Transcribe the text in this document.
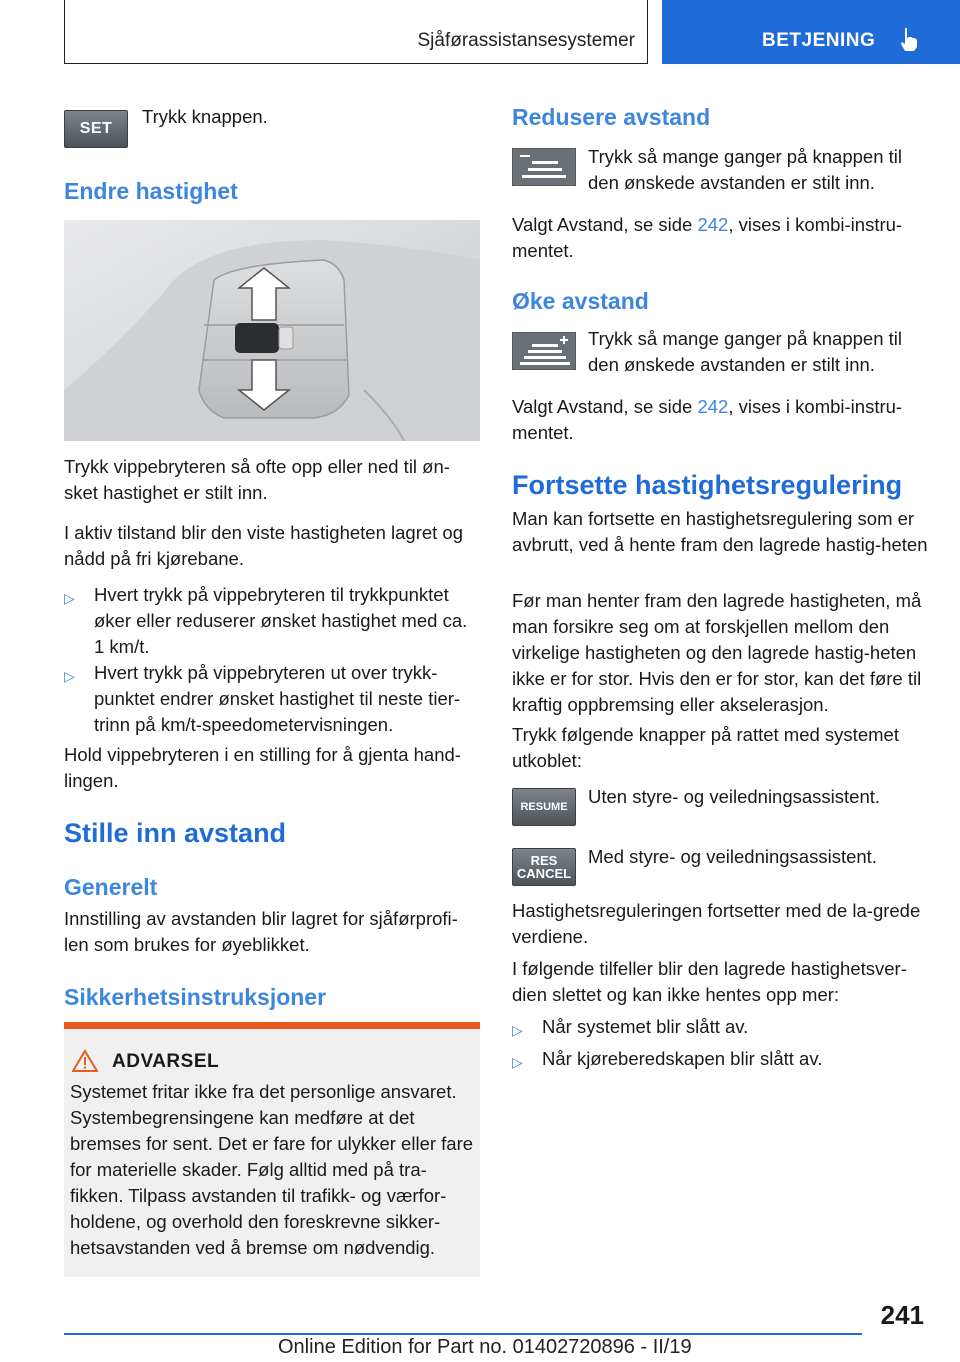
Sjåførassistansesystemer	BETJENING
SET

Trykk knappen.

Endre hastighet

Trykk vippebryteren så ofte opp eller ned til øn-sket hastighet er stilt inn.

I aktiv tilstand blir den viste hastigheten lagret og nådd på fri kjørebane.

▷ Hvert trykk på vippebryteren til trykkpunktet øker eller reduserer ønsket hastighet med ca. 1 km/t.
▷ Hvert trykk på vippebryteren ut over trykk-punktet endrer ønsket hastighet til neste tier-trinn på km/t-speedometervisningen.

Hold vippebryteren i en stilling for å gjenta hand-lingen.

Stille inn avstand
Generelt

Innstilling av avstanden blir lagret for sjåførprofi-len som brukes for øyeblikket.

Sikkerhetsinstruksjoner
ADVARSEL
Systemet fritar ikke fra det personlige ansvaret. Systembegrensingene kan medføre at det bremses for sent. Det er fare for ulykker eller fare for materielle skader. Følg alltid med på tra-fikken. Tilpass avstanden til trafikk- og værfor-holdene, og overhold den foreskrevne sikker-hetsavstanden ved å bremse om nødvendig.
Redusere avstand

Trykk så mange ganger på knappen til den ønskede avstanden er stilt inn.

Valgt Avstand, se side 242, vises i kombi-instru-mentet.

Øke avstand

Trykk så mange ganger på knappen til den ønskede avstanden er stilt inn.

Valgt Avstand, se side 242, vises i kombi-instru-mentet.

Fortsette hastighetsregulering

Man kan fortsette en hastighetsregulering som er avbrutt, ved å hente fram den lagrede hastig-heten

Før man henter fram den lagrede hastigheten, må man forsikre seg om at forskjellen mellom den virkelige hastigheten og den lagrede hastig-heten ikke er for stor. Hvis den er for stor, kan det føre til kraftig oppbremsing eller akselerasjon.

Trykk følgende knapper på rattet med systemet utkoblet:

RESUME Uten styre- og veiledningsassistent.

RES
CANCEL

Med styre- og veiledningsassistent.

Hastighetsreguleringen fortsetter med de la-grede verdiene.

I følgende tilfeller blir den lagrede hastighetsver-dien slettet og kan ikke hentes opp mer:

▷ Når systemet blir slått av.
▷ Når kjøreberedskapen blir slått av.
241
Online Edition for Part no. 01402720896 - II/19
